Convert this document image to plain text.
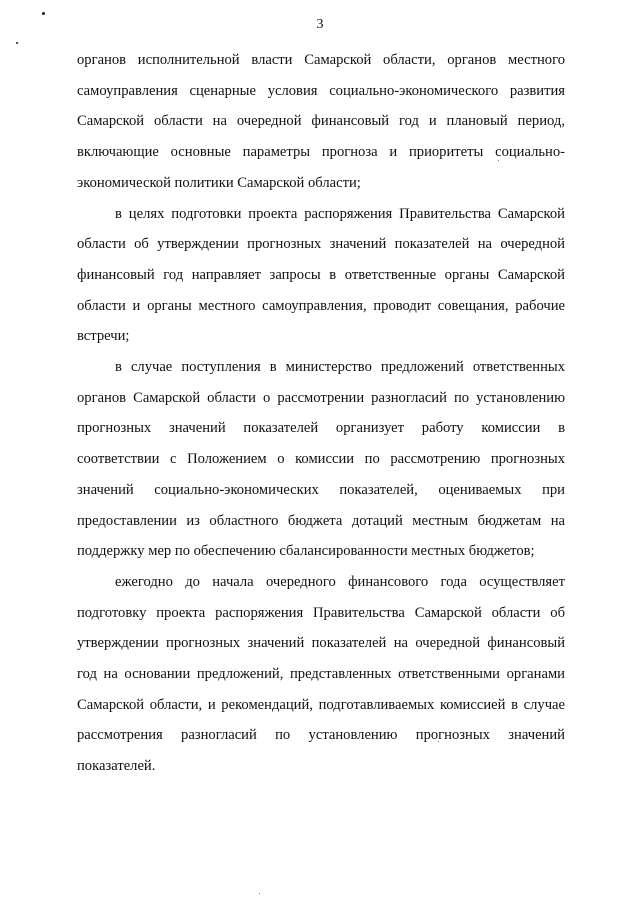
3

органов исполнительной власти Самарской области, органов местного самоуправления сценарные условия социально-экономического развития Самарской области на очередной финансовый год и плановый период, включающие основные параметры прогноза и приоритеты социально-экономической политики Самарской области;

в целях подготовки проекта распоряжения Правительства Самарской области об утверждении прогнозных значений показателей на очередной финансовый год направляет запросы в ответственные органы Самарской области и органы местного самоуправления, проводит совещания, рабочие встречи;

в случае поступления в министерство предложений ответственных органов Самарской области о рассмотрении разногласий по установлению прогнозных значений показателей организует работу комиссии в соответствии с Положением о комиссии по рассмотрению прогнозных значений социально-экономических показателей, оцениваемых при предоставлении из областного бюджета дотаций местным бюджетам на поддержку мер по обеспечению сбалансированности местных бюджетов;

ежегодно до начала очередного финансового года осуществляет подготовку проекта распоряжения Правительства Самарской области об утверждении прогнозных значений показателей на очередной финансовый год на основании предложений, представленных ответственными органами Самарской области, и рекомендаций, подготавливаемых комиссией в случае рассмотрения разногласий по установлению прогнозных значений показателей.
